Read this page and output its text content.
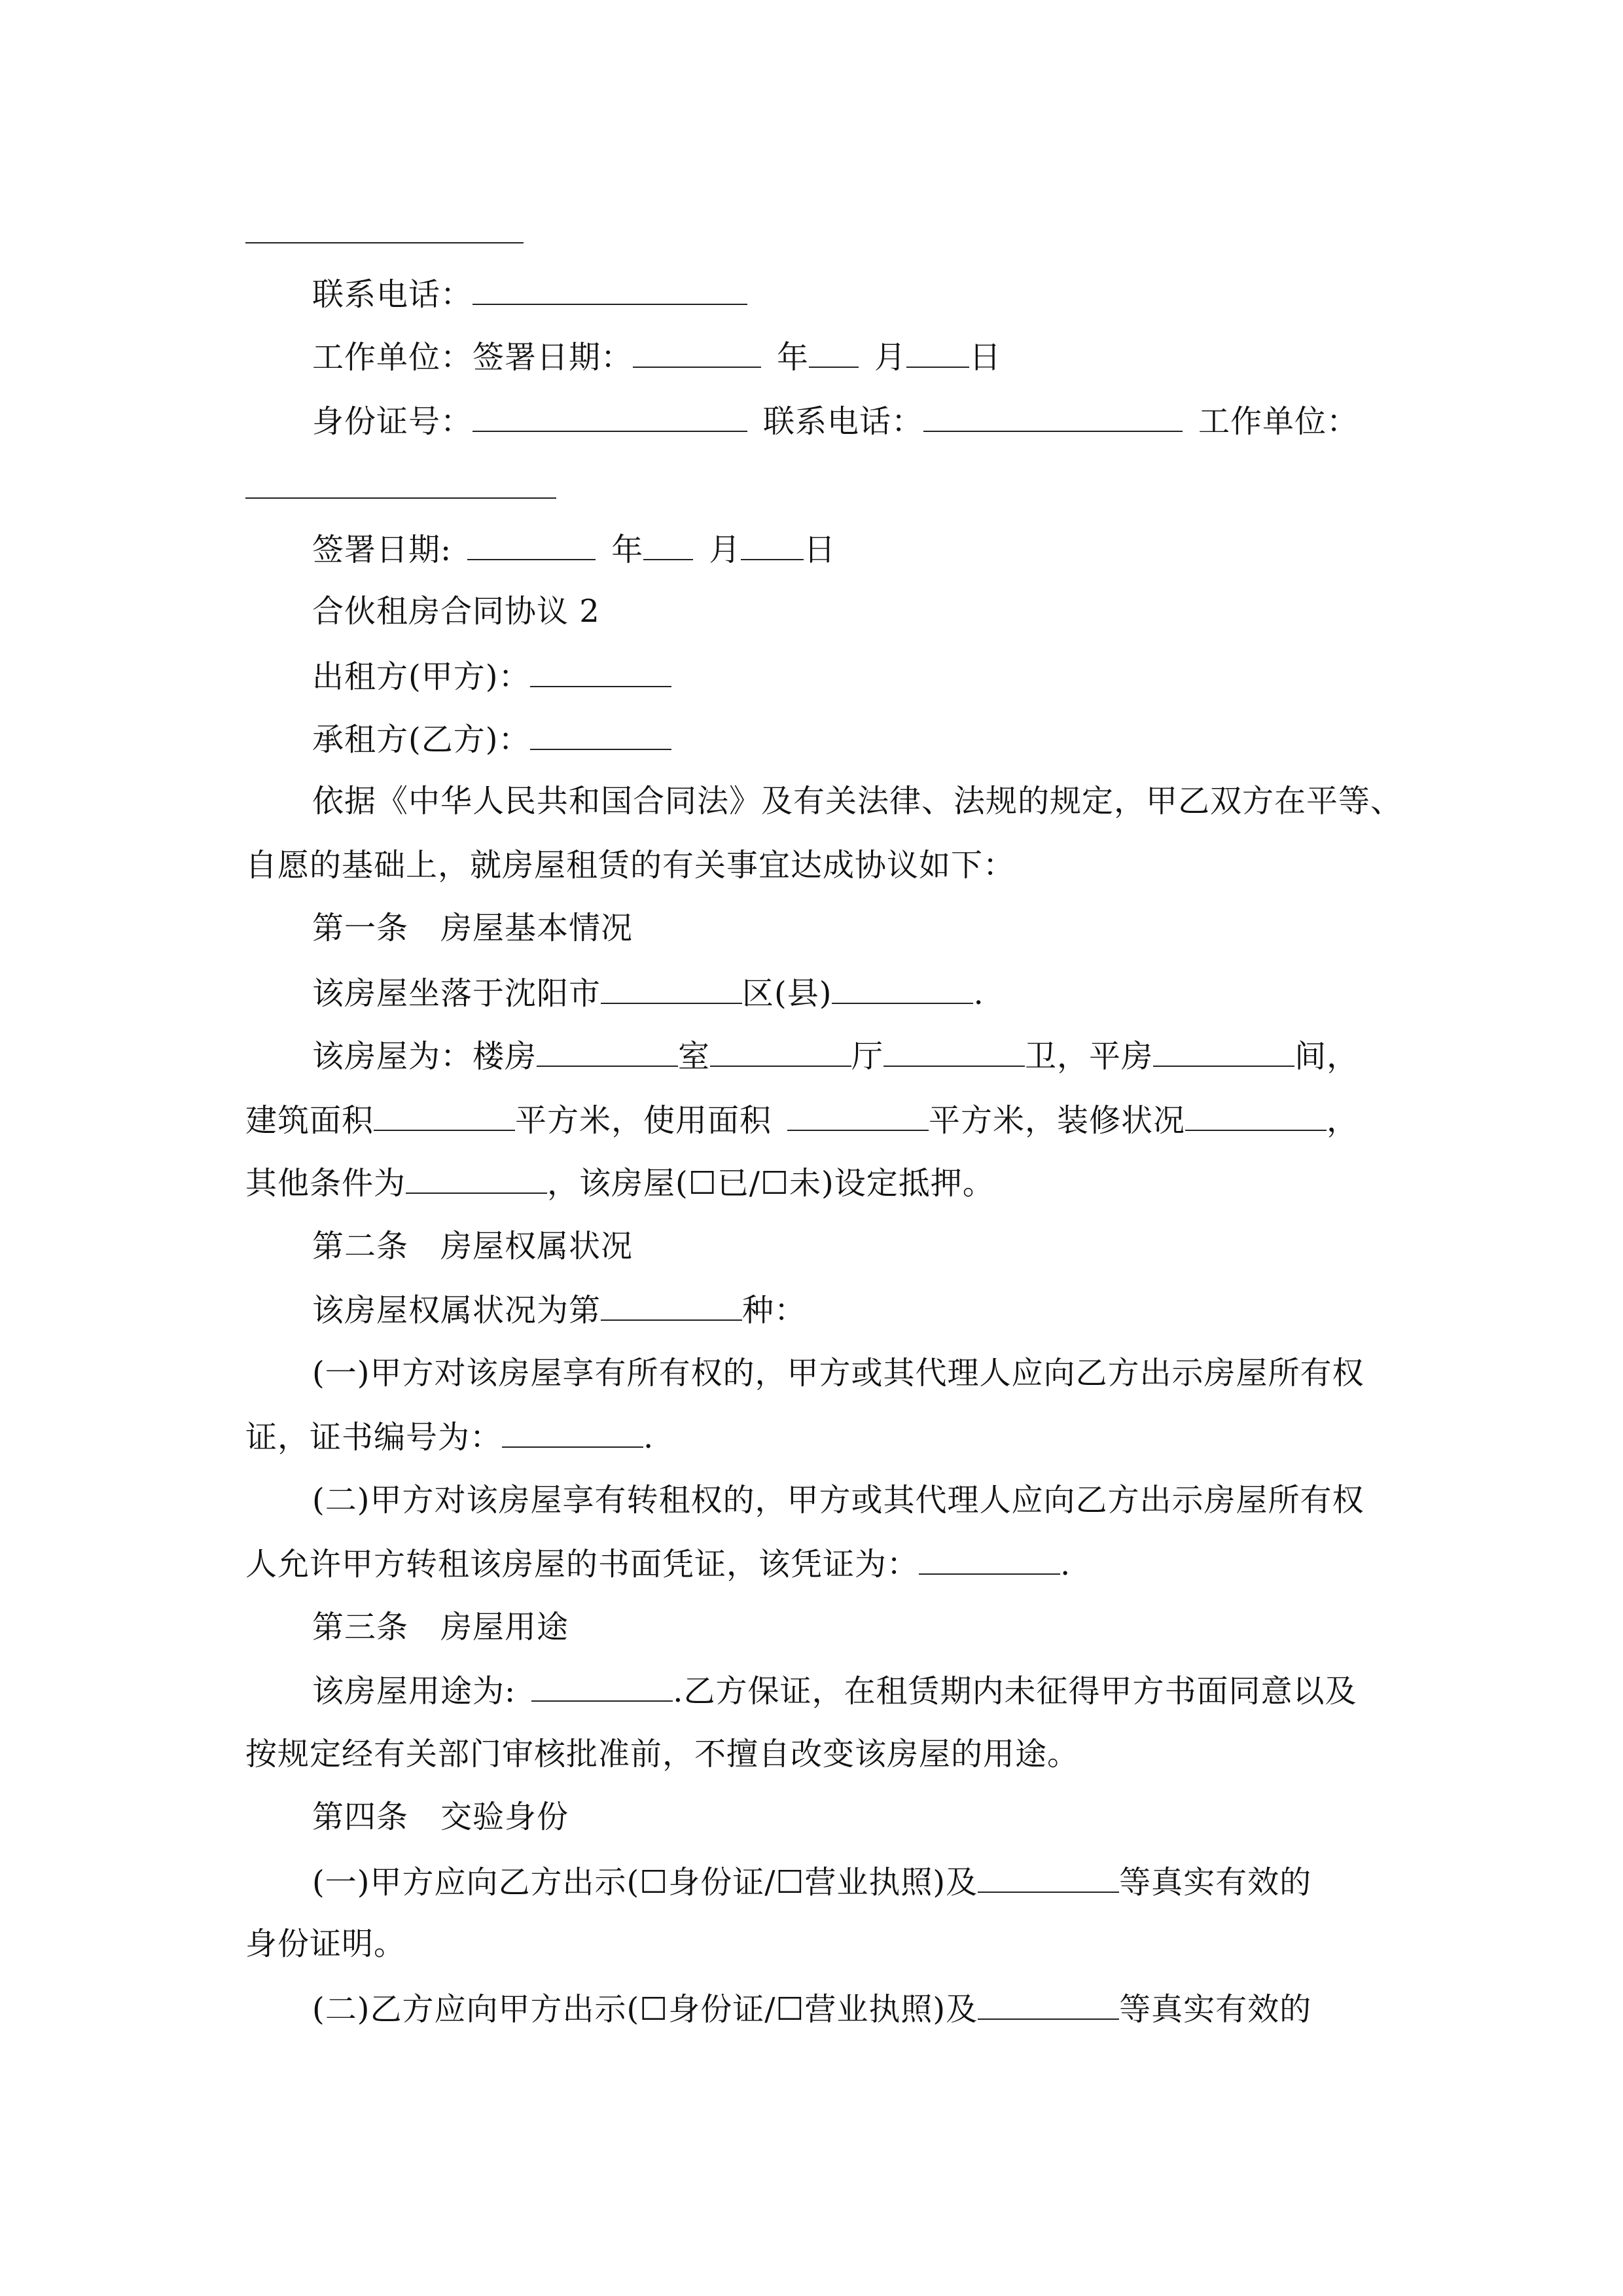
联系电话：
工作单位：签署日期：	年 月 日
身份证号：	联系电话：	工作单位：
签署日期:	年 月 日
合伙租房合同协议 2
出租方(甲方)：
承租方(乙方)：
依据《中华人民共和国合同法》及有关法律、法规的规定，甲乙双方在平等、
自愿的基础上，就房屋租赁的有关事宜达成协议如下：
第一条　房屋基本情况
该房屋坐落于沈阳市	区(县)	.
该房屋为：楼房	室	厅	卫，平房	间，
建筑面积	平方米，使用面积	平方米，装修状况	，
其他条件为	，该房屋(☐已/☐未)设定抵押。
第二条　房屋权属状况
该房屋权属状况为第	种：
(一)甲方对该房屋享有所有权的，甲方或其代理人应向乙方出示房屋所有权
证，证书编号为：	.
(二)甲方对该房屋享有转租权的，甲方或其代理人应向乙方出示房屋所有权
人允许甲方转租该房屋的书面凭证，该凭证为：	.
第三条　房屋用途
该房屋用途为:	.乙方保证，在租赁期内未征得甲方书面同意以及
按规定经有关部门审核批准前，不擅自改变该房屋的用途。
第四条　交验身份
(一)甲方应向乙方出示(☐身份证/☐营业执照)及	等真实有效的
身份证明。
(二)乙方应向甲方出示(☐身份证/☐营业执照)及	等真实有效的
